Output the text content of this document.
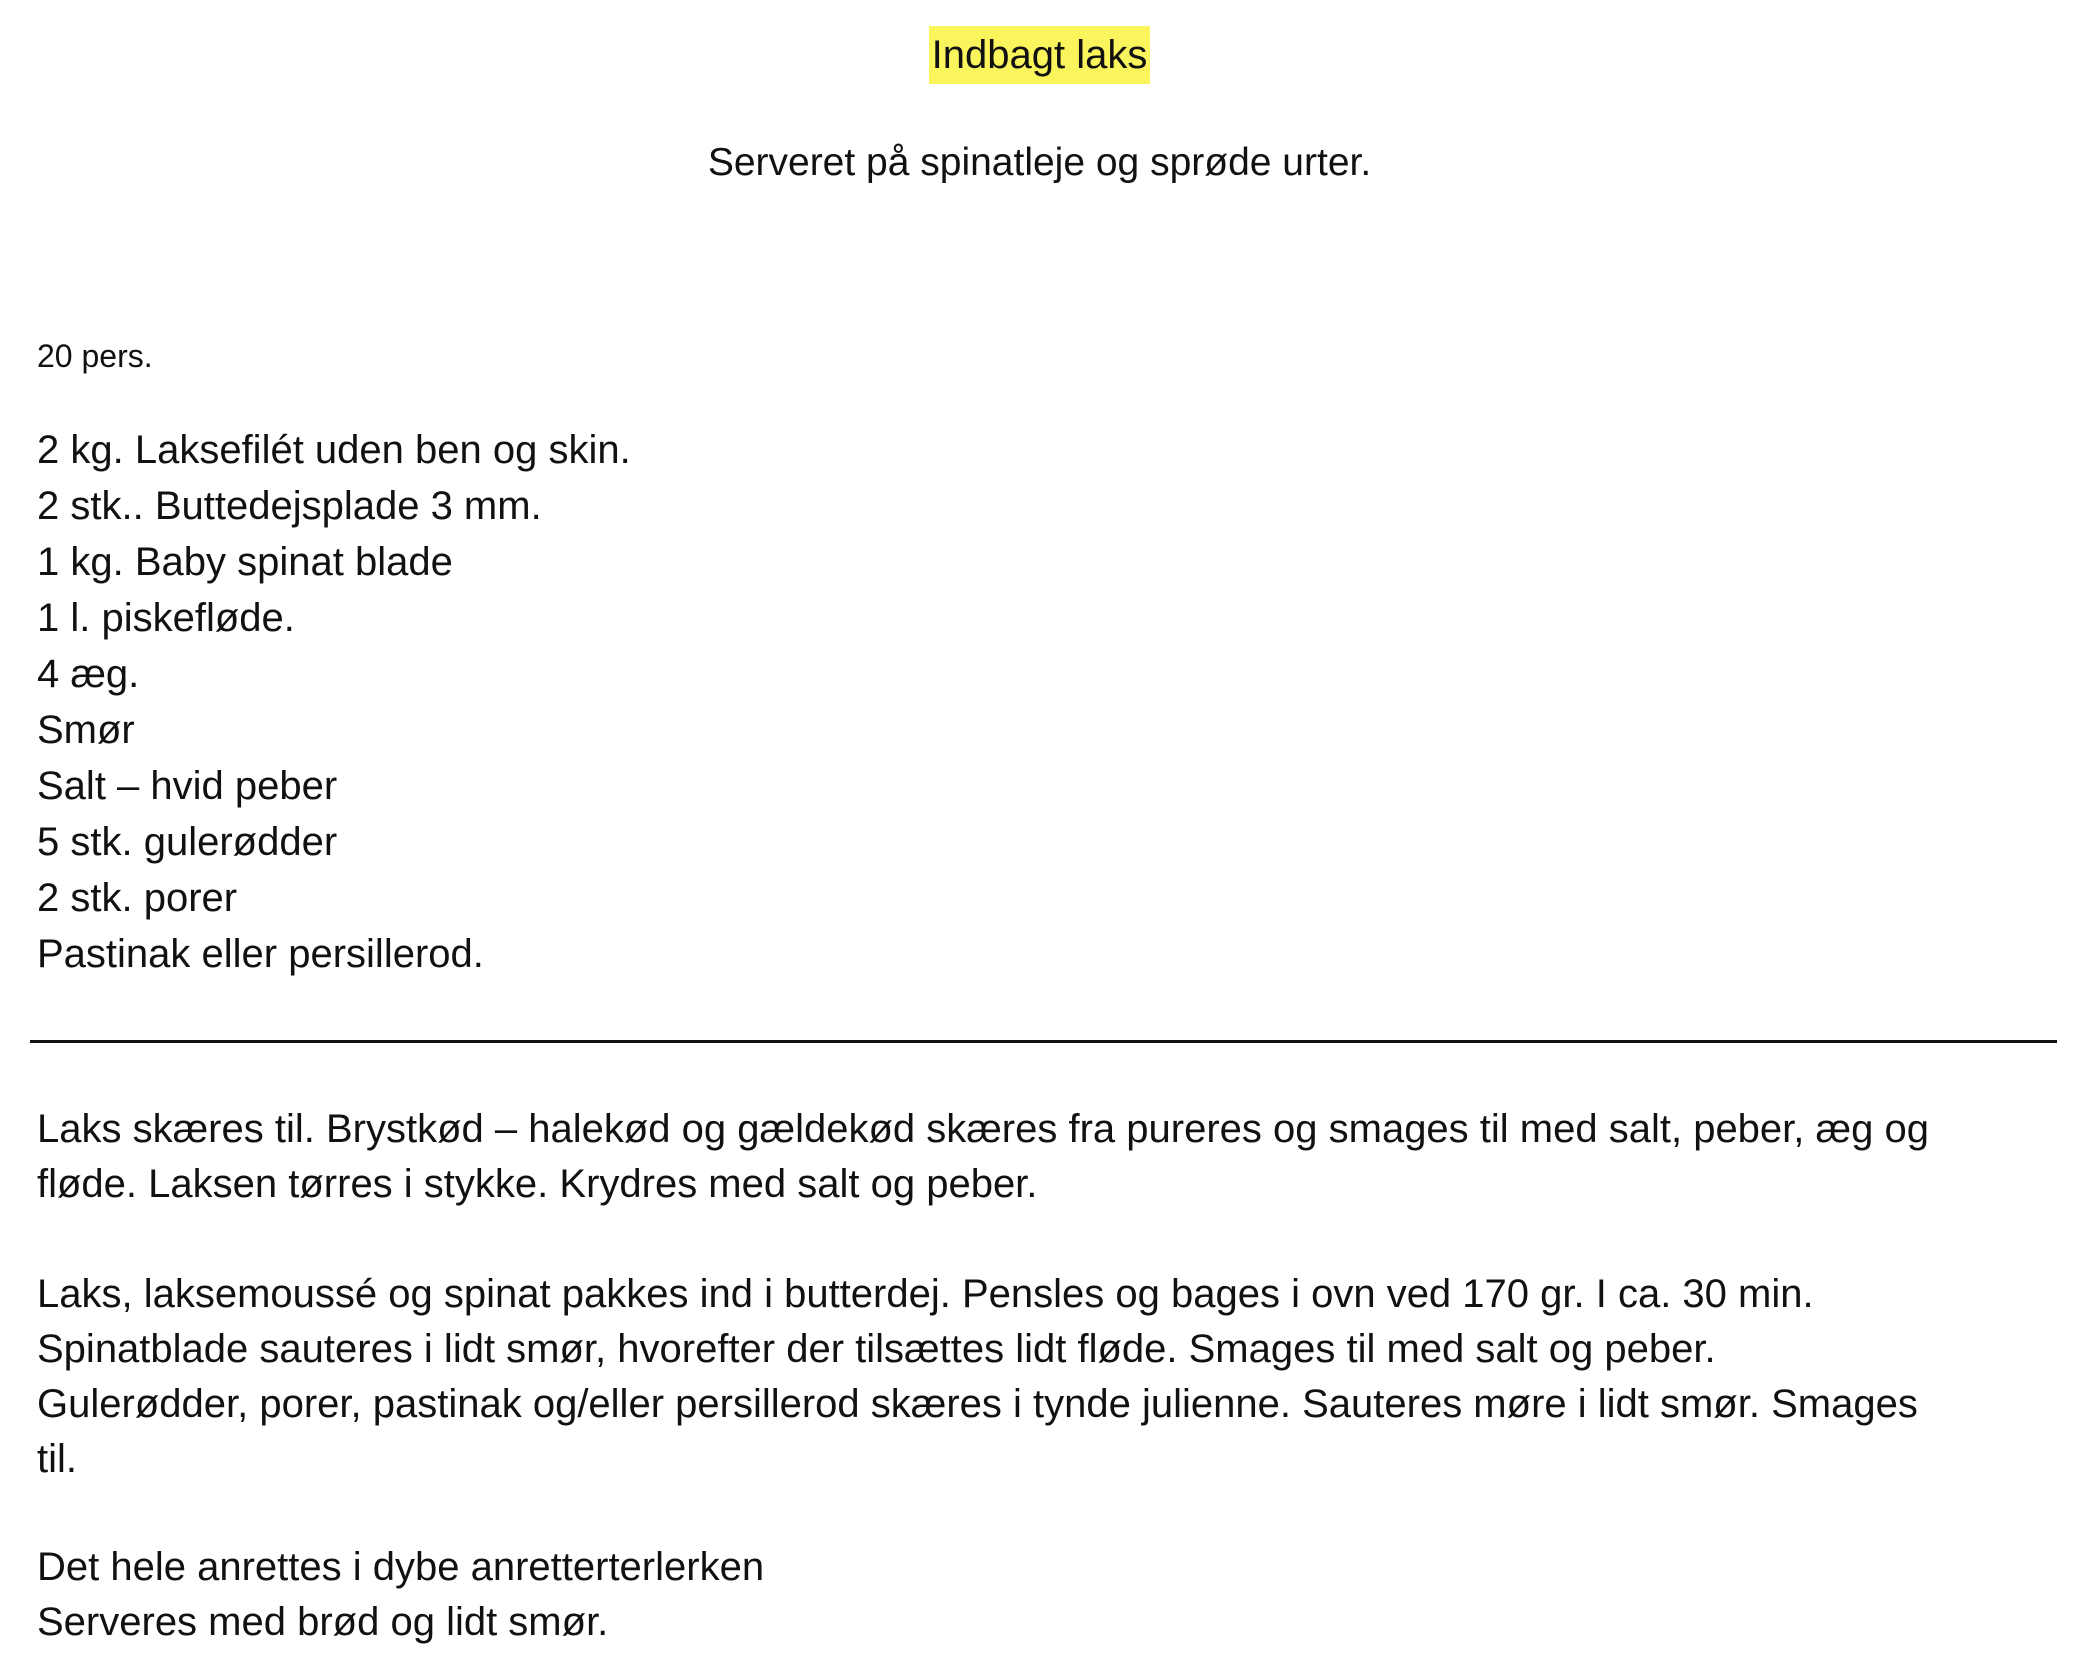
Indbagt laks
Serveret på spinatleje og sprøde urter.
20 pers.
2 kg. Laksefilét uden ben og skin.
2 stk.. Buttedejsplade 3 mm.
1 kg. Baby spinat blade
1 l. piskefløde.
4 æg.
Smør
Salt – hvid peber
5 stk. gulerødder
2 stk. porer
Pastinak eller persillerod.

Laks skæres til. Brystkød – halekød og gældekød skæres fra pureres og smages til med salt, peber, æg og
fløde. Laksen tørres i stykke. Krydres med salt og peber.

Laks, laksemoussé og spinat pakkes ind i butterdej. Pensles og bages i ovn ved 170 gr. I ca. 30 min.
Spinatblade sauteres i lidt smør, hvorefter der tilsættes lidt fløde. Smages til med salt og peber.
Gulerødder, porer, pastinak og/eller persillerod skæres i tynde julienne. Sauteres møre i lidt smør. Smages
til.

Det hele anrettes i dybe anretterterlerken
Serveres med brød og lidt smør.
